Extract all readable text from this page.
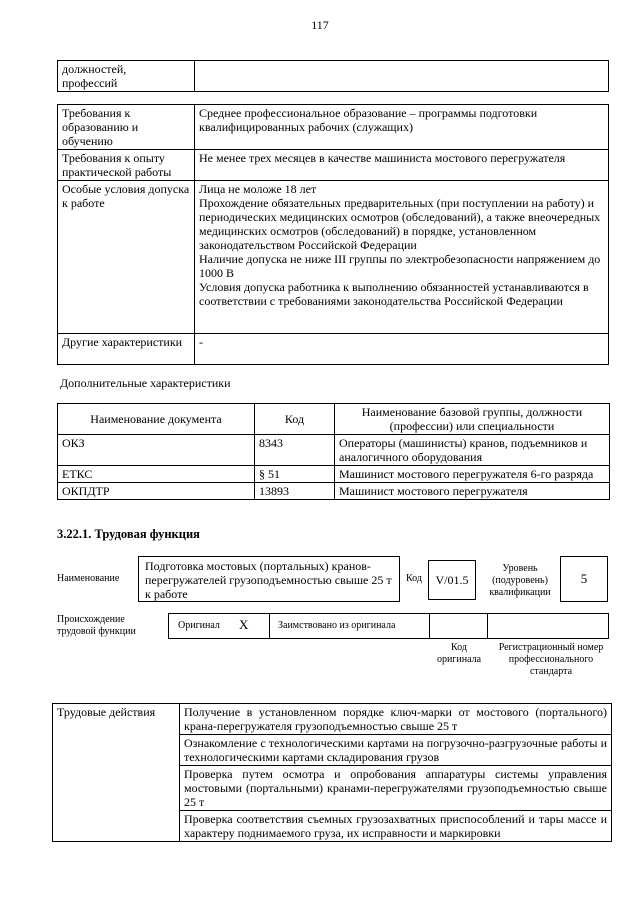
117
должностей,
профессий	
Требования к образованию и обучению	Среднее профессиональное образование – программы подготовки квалифицированных рабочих (служащих)

Требования к опыту практической работы	Не менее трех месяцев в качестве машиниста мостового перегружателя

Особые условия допуска к работе	Лица не моложе 18 лет
Прохождение обязательных предварительных (при поступлении на работу) и периодических медицинских осмотров (обследований), а также внеочередных медицинских осмотров (обследований) в порядке, установленном законодательством Российской Федерации
Наличие допуска не ниже III группы по электробезопасности напряжением до 1000 В
Условия допуска работника к выполнению обязанностей устанавливаются в соответствии с требованиями законодательства Российской Федерации

Другие характеристики	-
Дополнительные характеристики
Наименование документа	Код	Наименование базовой группы, должности (профессии) или специальности
ОКЗ	8343	Операторы (машинисты) кранов, подъемников и аналогичного оборудования
ЕТКС	§ 51	Машинист мостового перегружателя 6-го разряда
ОКПДТР	13893	Машинист мостового перегружателя
3.22.1. Трудовая функция
Наименование
Подготовка мостовых (портальных) кранов-перегружателей грузоподъемностью свыше 25 т к работе
Код	V/01.5
Уровень (подуровень) квалификации
5
Происхождение трудовой функции
Оригинал X	Заимствовано из оригинала
Код оригинала
Регистрационный номер профессионального стандарта
Трудовые действия	Получение в установленном порядке ключ-марки от мостового (портального) крана-перегружателя грузоподъемностью свыше 25 т
Ознакомление с технологическими картами на погрузочно-разгрузочные работы и технологическими картами складирования грузов
Проверка путем осмотра и опробования аппаратуры системы управления мостовыми (портальными) кранами-перегружателями грузоподъемностью свыше 25 т
Проверка соответствия съемных грузозахватных приспособлений и тары массе и характеру поднимаемого груза, их исправности и маркировки
